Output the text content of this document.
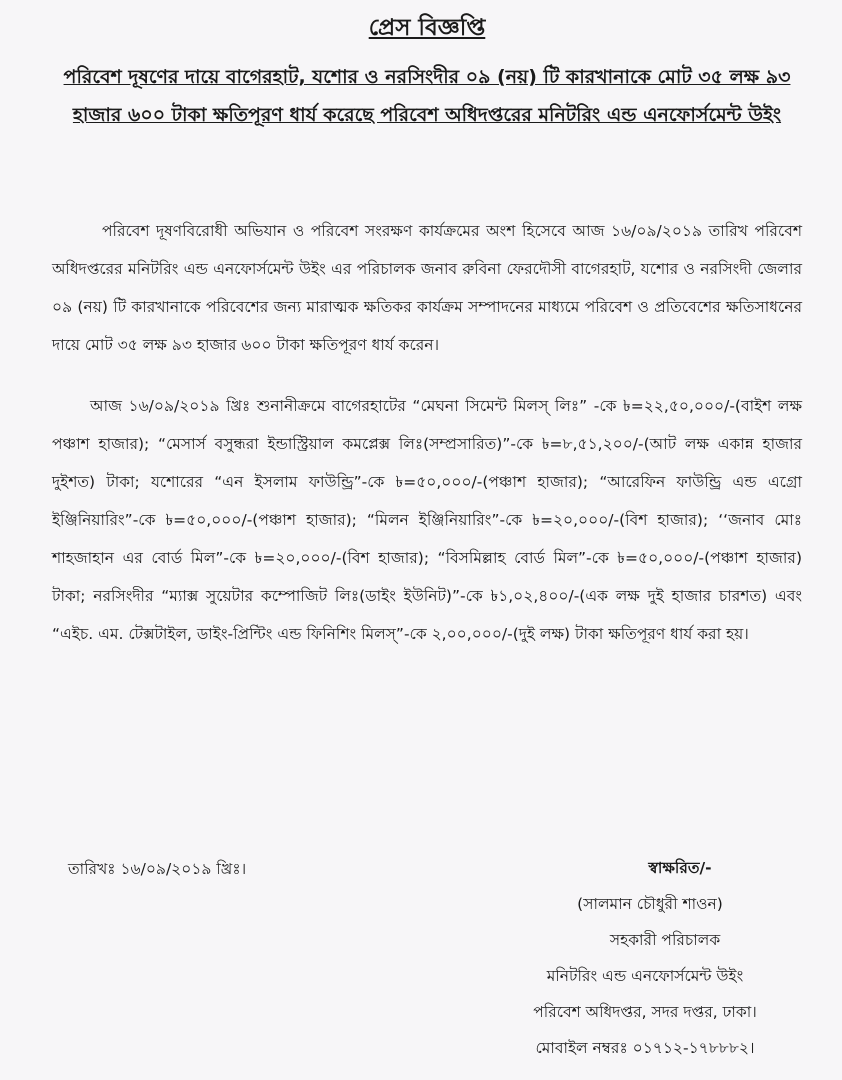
প্রেস বিজ্ঞপ্তি
পরিবেশ দূষণের দায়ে বাগেরহাট, যশোর ও নরসিংদীর ০৯ (নয়) টি কারখানাকে মোট ৩৫ লক্ষ ৯৩ হাজার ৬০০ টাকা ক্ষতিপূরণ ধার্য করেছে পরিবেশ অধিদপ্তরের মনিটরিং এন্ড এনফোর্সমেন্ট উইং

পরিবেশ দূষণবিরোধী অভিযান ও পরিবেশ সংরক্ষণ কার্যক্রমের অংশ হিসেবে আজ ১৬/০৯/২০১৯ তারিখ পরিবেশ অধিদপ্তরের মনিটরিং এন্ড এনফোর্সমেন্ট উইং এর পরিচালক জনাব রুবিনা ফেরদৌসী বাগেরহাট, যশোর ও নরসিংদী জেলার ০৯ (নয়) টি কারখানাকে পরিবেশের জন্য মারাত্মক ক্ষতিকর কার্যক্রম সম্পাদনের মাধ্যমে পরিবেশ ও প্রতিবেশের ক্ষতিসাধনের দায়ে মোট ৩৫ লক্ষ ৯৩ হাজার ৬০০ টাকা ক্ষতিপূরণ ধার্য করেন।

আজ ১৬/০৯/২০১৯ খ্রিঃ শুনানীক্রমে বাগেরহাটের “মেঘনা সিমেন্ট মিলস্ লিঃ” -কে ৳=২২,৫০,০০০/-(বাইশ লক্ষ পঞ্চাশ হাজার); “মেসার্স বসুন্ধরা ইন্ডাস্ট্রিয়াল কমপ্লেক্স লিঃ(সম্প্রসারিত)”-কে ৳=৮,৫১,২০০/-(আট লক্ষ একান্ন হাজার দুইশত) টাকা; যশোরের “এন ইসলাম ফাউন্ড্রি”-কে ৳=৫০,০০০/-(পঞ্চাশ হাজার); “আরেফিন ফাউন্ড্রি এন্ড এগ্রো ইঞ্জিনিয়ারিং”-কে ৳=৫০,০০০/-(পঞ্চাশ হাজার); “মিলন ইঞ্জিনিয়ারিং”-কে ৳=২০,০০০/-(বিশ হাজার); ‘‘জনাব মোঃ শাহজাহান এর বোর্ড মিল”-কে ৳=২০,০০০/-(বিশ হাজার); “বিসমিল্লাহ বোর্ড মিল”-কে ৳=৫০,০০০/-(পঞ্চাশ হাজার) টাকা; নরসিংদীর “ম্যাক্স সুয়েটার কম্পোজিট লিঃ(ডাইং ইউনিট)”-কে ৳১,০২,৪০০/-(এক লক্ষ দুই হাজার চারশত) এবং “এইচ. এম. টেক্সটাইল, ডাইং-প্রিন্টিং এন্ড ফিনিশিং মিলস্”-কে ২,০০,০০০/-(দুই লক্ষ) টাকা ক্ষতিপূরণ ধার্য করা হয়।

তারিখঃ ১৬/০৯/২০১৯ খ্রিঃ।	স্বাক্ষরিত/-
(সালমান চৌধুরী শাওন)
সহকারী পরিচালক
মনিটরিং এন্ড এনফোর্সমেন্ট উইং
পরিবেশ অধিদপ্তর, সদর দপ্তর, ঢাকা।
মোবাইল নম্বরঃ ০১৭১২-১৭৮৮৮২।
